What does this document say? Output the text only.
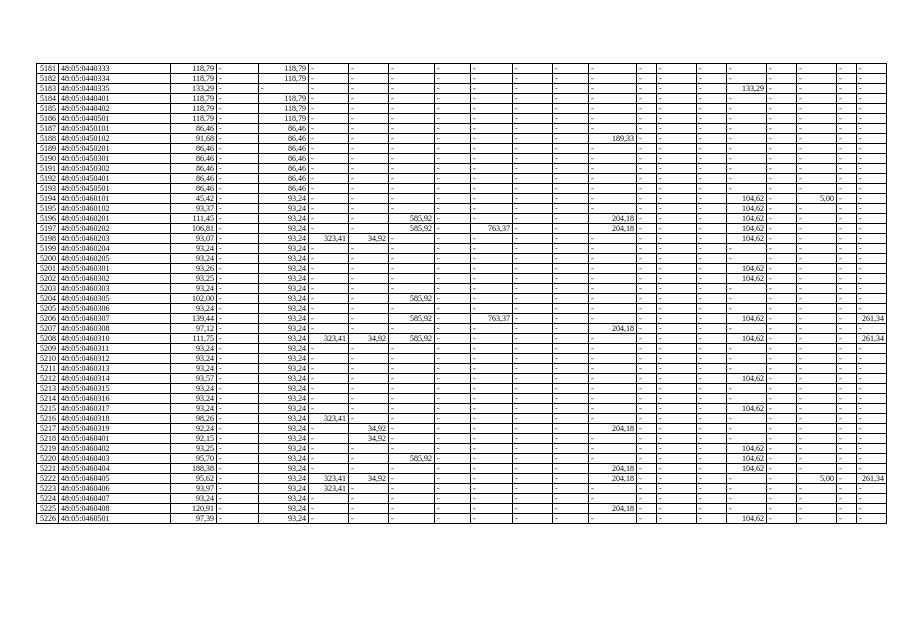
5181	48:05:0440333	118,79	-	118,79	-	-	-	-	-	-	-	-	-	-	-	-	-	-	-	-
5182	48:05:0440334	118,79	-	118,79	-	-	-	-	-	-	-	-	-	-	-	-	-	-	-	-
5183	48:05:0440335	133,29	-	-	-	-	-	-	-	-	-	-	-	-	-	133,29	-	-	-	-
5184	48:05:0440401	118,79	-	118,79	-	-	-	-	-	-	-	-	-	-	-	-	-	-	-	-
5185	48:05:0440402	118,79	-	118,79	-	-	-	-	-	-	-	-	-	-	-	-	-	-	-	-
5186	48:05:0440501	118,79	-	118,79	-	-	-	-	-	-	-	-	-	-	-	-	-	-	-	-
5187	48:05:0450101	86,46	-	86,46	-	-	-	-	-	-	-	-	-	-	-	-	-	-	-	-
5188	48:05:0450102	91,68	-	86,46	-	-	-	-	-	-	-	189,33	-	-	-	-	-	-	-	-
5189	48:05:0450201	86,46	-	86,46	-	-	-	-	-	-	-	-	-	-	-	-	-	-	-	-
5190	48:05:0450301	86,46	-	86,46	-	-	-	-	-	-	-	-	-	-	-	-	-	-	-	-
5191	48:05:0450302	86,46	-	86,46	-	-	-	-	-	-	-	-	-	-	-	-	-	-	-	-
5192	48:05:0450401	86,46	-	86,46	-	-	-	-	-	-	-	-	-	-	-	-	-	-	-	-
5193	48:05:0450501	86,46	-	86,46	-	-	-	-	-	-	-	-	-	-	-	-	-	-	-	-
5194	48:05:0460101	45,42	-	93,24	-	-	-	-	-	-	-	-	-	-	-	104,62	-	5,00	-	-
5195	48:05:0460102	93,37	-	93,24	-	-	-	-	-	-	-	-	-	-	-	104,62	-	-	-	-
5196	48:05:0460201	111,45	-	93,24	-	-	585,92	-	-	-	-	204,18	-	-	-	104,62	-	-	-	-
5197	48:05:0460202	106,81	-	93,24	-	-	585,92	-	763,37	-	-	204,18	-	-	-	104,62	-	-	-	-
5198	48:05:0460203	93,07	-	93,24	323,41	34,92	-	-	-	-	-	-	-	-	-	104,62	-	-	-	-
5199	48:05:0460204	93,24	-	93,24	-	-	-	-	-	-	-	-	-	-	-	-	-	-	-	-
5200	48:05:0460205	93,24	-	93,24	-	-	-	-	-	-	-	-	-	-	-	-	-	-	-	-
5201	48:05:0460301	93,26	-	93,24	-	-	-	-	-	-	-	-	-	-	-	104,62	-	-	-	-
5202	48:05:0460302	93,25	-	93,24	-	-	-	-	-	-	-	-	-	-	-	104,62	-	-	-	-
5203	48:05:0460303	93,24	-	93,24	-	-	-	-	-	-	-	-	-	-	-	-	-	-	-	-
5204	48:05:0460305	102,00	-	93,24	-	-	585,92	-	-	-	-	-	-	-	-	-	-	-	-	-
5205	48:05:0460306	93,24	-	93,24	-	-	-	-	-	-	-	-	-	-	-	-	-	-	-	-
5206	48:05:0460307	139,44	-	93,24	-	-	585,92	-	763,37	-	-	-	-	-	-	104,62	-	-	-	261,34
5207	48:05:0460308	97,12	-	93,24	-	-	-	-	-	-	-	204,18	-	-	-	-	-	-	-	-
5208	48:05:0460310	111,75	-	93,24	323,41	34,92	585,92	-	-	-	-	-	-	-	-	104,62	-	-	-	261,34
5209	48:05:0460311	93,24	-	93,24	-	-	-	-	-	-	-	-	-	-	-	-	-	-	-	-
5210	48:05:0460312	93,24	-	93,24	-	-	-	-	-	-	-	-	-	-	-	-	-	-	-	-
5211	48:05:0460313	93,24	-	93,24	-	-	-	-	-	-	-	-	-	-	-	-	-	-	-	-
5212	48:05:0460314	93,57	-	93,24	-	-	-	-	-	-	-	-	-	-	-	104,62	-	-	-	-
5213	48:05:0460315	93,24	-	93,24	-	-	-	-	-	-	-	-	-	-	-	-	-	-	-	-
5214	48:05:0460316	93,24	-	93,24	-	-	-	-	-	-	-	-	-	-	-	-	-	-	-	-
5215	48:05:0460317	93,24	-	93,24	-	-	-	-	-	-	-	-	-	-	-	104,62	-	-	-	-
5216	48:05:0460318	98,26	-	93,24	323,41	-	-	-	-	-	-	-	-	-	-	-	-	-	-	-
5217	48:05:0460319	92,24	-	93,24	-	34,92	-	-	-	-	-	204,18	-	-	-	-	-	-	-	-
5218	48:05:0460401	92,15	-	93,24	-	34,92	-	-	-	-	-	-	-	-	-	-	-	-	-	-
5219	48:05:0460402	93,25	-	93,24	-	-	-	-	-	-	-	-	-	-	-	104,62	-	-	-	-
5220	48:05:0460403	95,70	-	93,24	-	-	585,92	-	-	-	-	-	-	-	-	104,62	-	-	-	-
5221	48:05:0460404	188,38	-	93,24	-	-	-	-	-	-	-	204,18	-	-	-	104,62	-	-	-	-
5222	48:05:0460405	95,62	-	93,24	323,41	34,92	-	-	-	-	-	204,18	-	-	-	-	-	5,00	-	261,34
5223	48:05:0460406	93,97	-	93,24	323,41	-	-	-	-	-	-	-	-	-	-	-	-	-	-	-
5224	48:05:0460407	93,24	-	93,24	-	-	-	-	-	-	-	-	-	-	-	-	-	-	-	-
5225	48:05:0460408	120,91	-	93,24	-	-	-	-	-	-	-	204,18	-	-	-	-	-	-	-	-
5226	48:05:0460501	97,39	-	93,24	-	-	-	-	-	-	-	-	-	-	-	104,62	-	-	-	-
